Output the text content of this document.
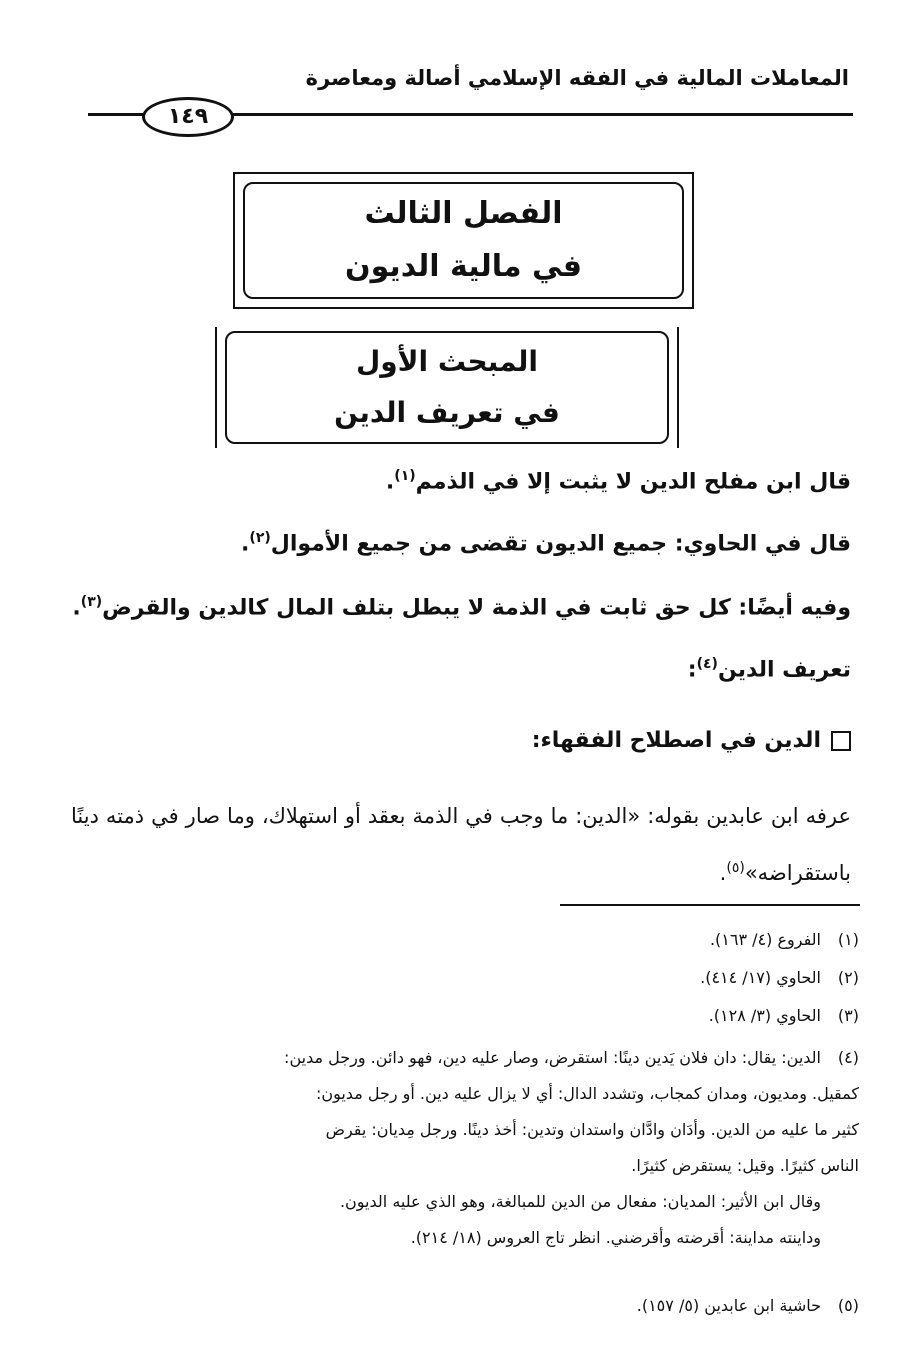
المعاملات المالية في الفقه الإسلامي أصالة ومعاصرة
١٤٩
الفصل الثالث
في مالية الديون
المبحث الأول
في تعريف الدين
قال ابن مفلح الدين لا يثبت إلا في الذمم$^{(١)}$.
قال في الحاوي: جميع الديون تقضى من جميع الأموال$^{(٢)}$.
وفيه أيضًا: كل حق ثابت في الذمة لا يبطل بتلف المال كالدين والقرض$^{(٣)}$.
تعريف الدين$^{(٤)}$:
الدين في اصطلاح الفقهاء:
عرفه ابن عابدين بقوله: «الدين: ما وجب في الذمة بعقد أو استهلاك، وما صار في ذمته دينًا باستقراضه»$^{(٥)}$.
(١)الفروع (٤/ ١٦٣).
(٢)الحاوي (١٧/ ٤١٤).
(٣)الحاوي (٣/ ١٢٨).
(٤)الدين: يقال: دان فلان يَدين دينًا: استقرض، وصار عليه دين، فهو دائن. ورجل مدين:
كمقيل. ومديون، ومدان كمجاب، وتشدد الدال: أي لا يزال عليه دين. أو رجل مديون:
كثير ما عليه من الدين. وأدَان وادَّان واستدان وتدين: أخذ دينًا. ورجل مِديان: يقرض
الناس كثيرًا. وقيل: يستقرض كثيرًا.
وقال ابن الأثير: المديان: مفعال من الدين للمبالغة، وهو الذي عليه الديون.
وداينته مداينة: أقرضته وأقرضني. انظر تاج العروس (١٨/ ٢١٤).
(٥)حاشية ابن عابدين (٥/ ١٥٧).
